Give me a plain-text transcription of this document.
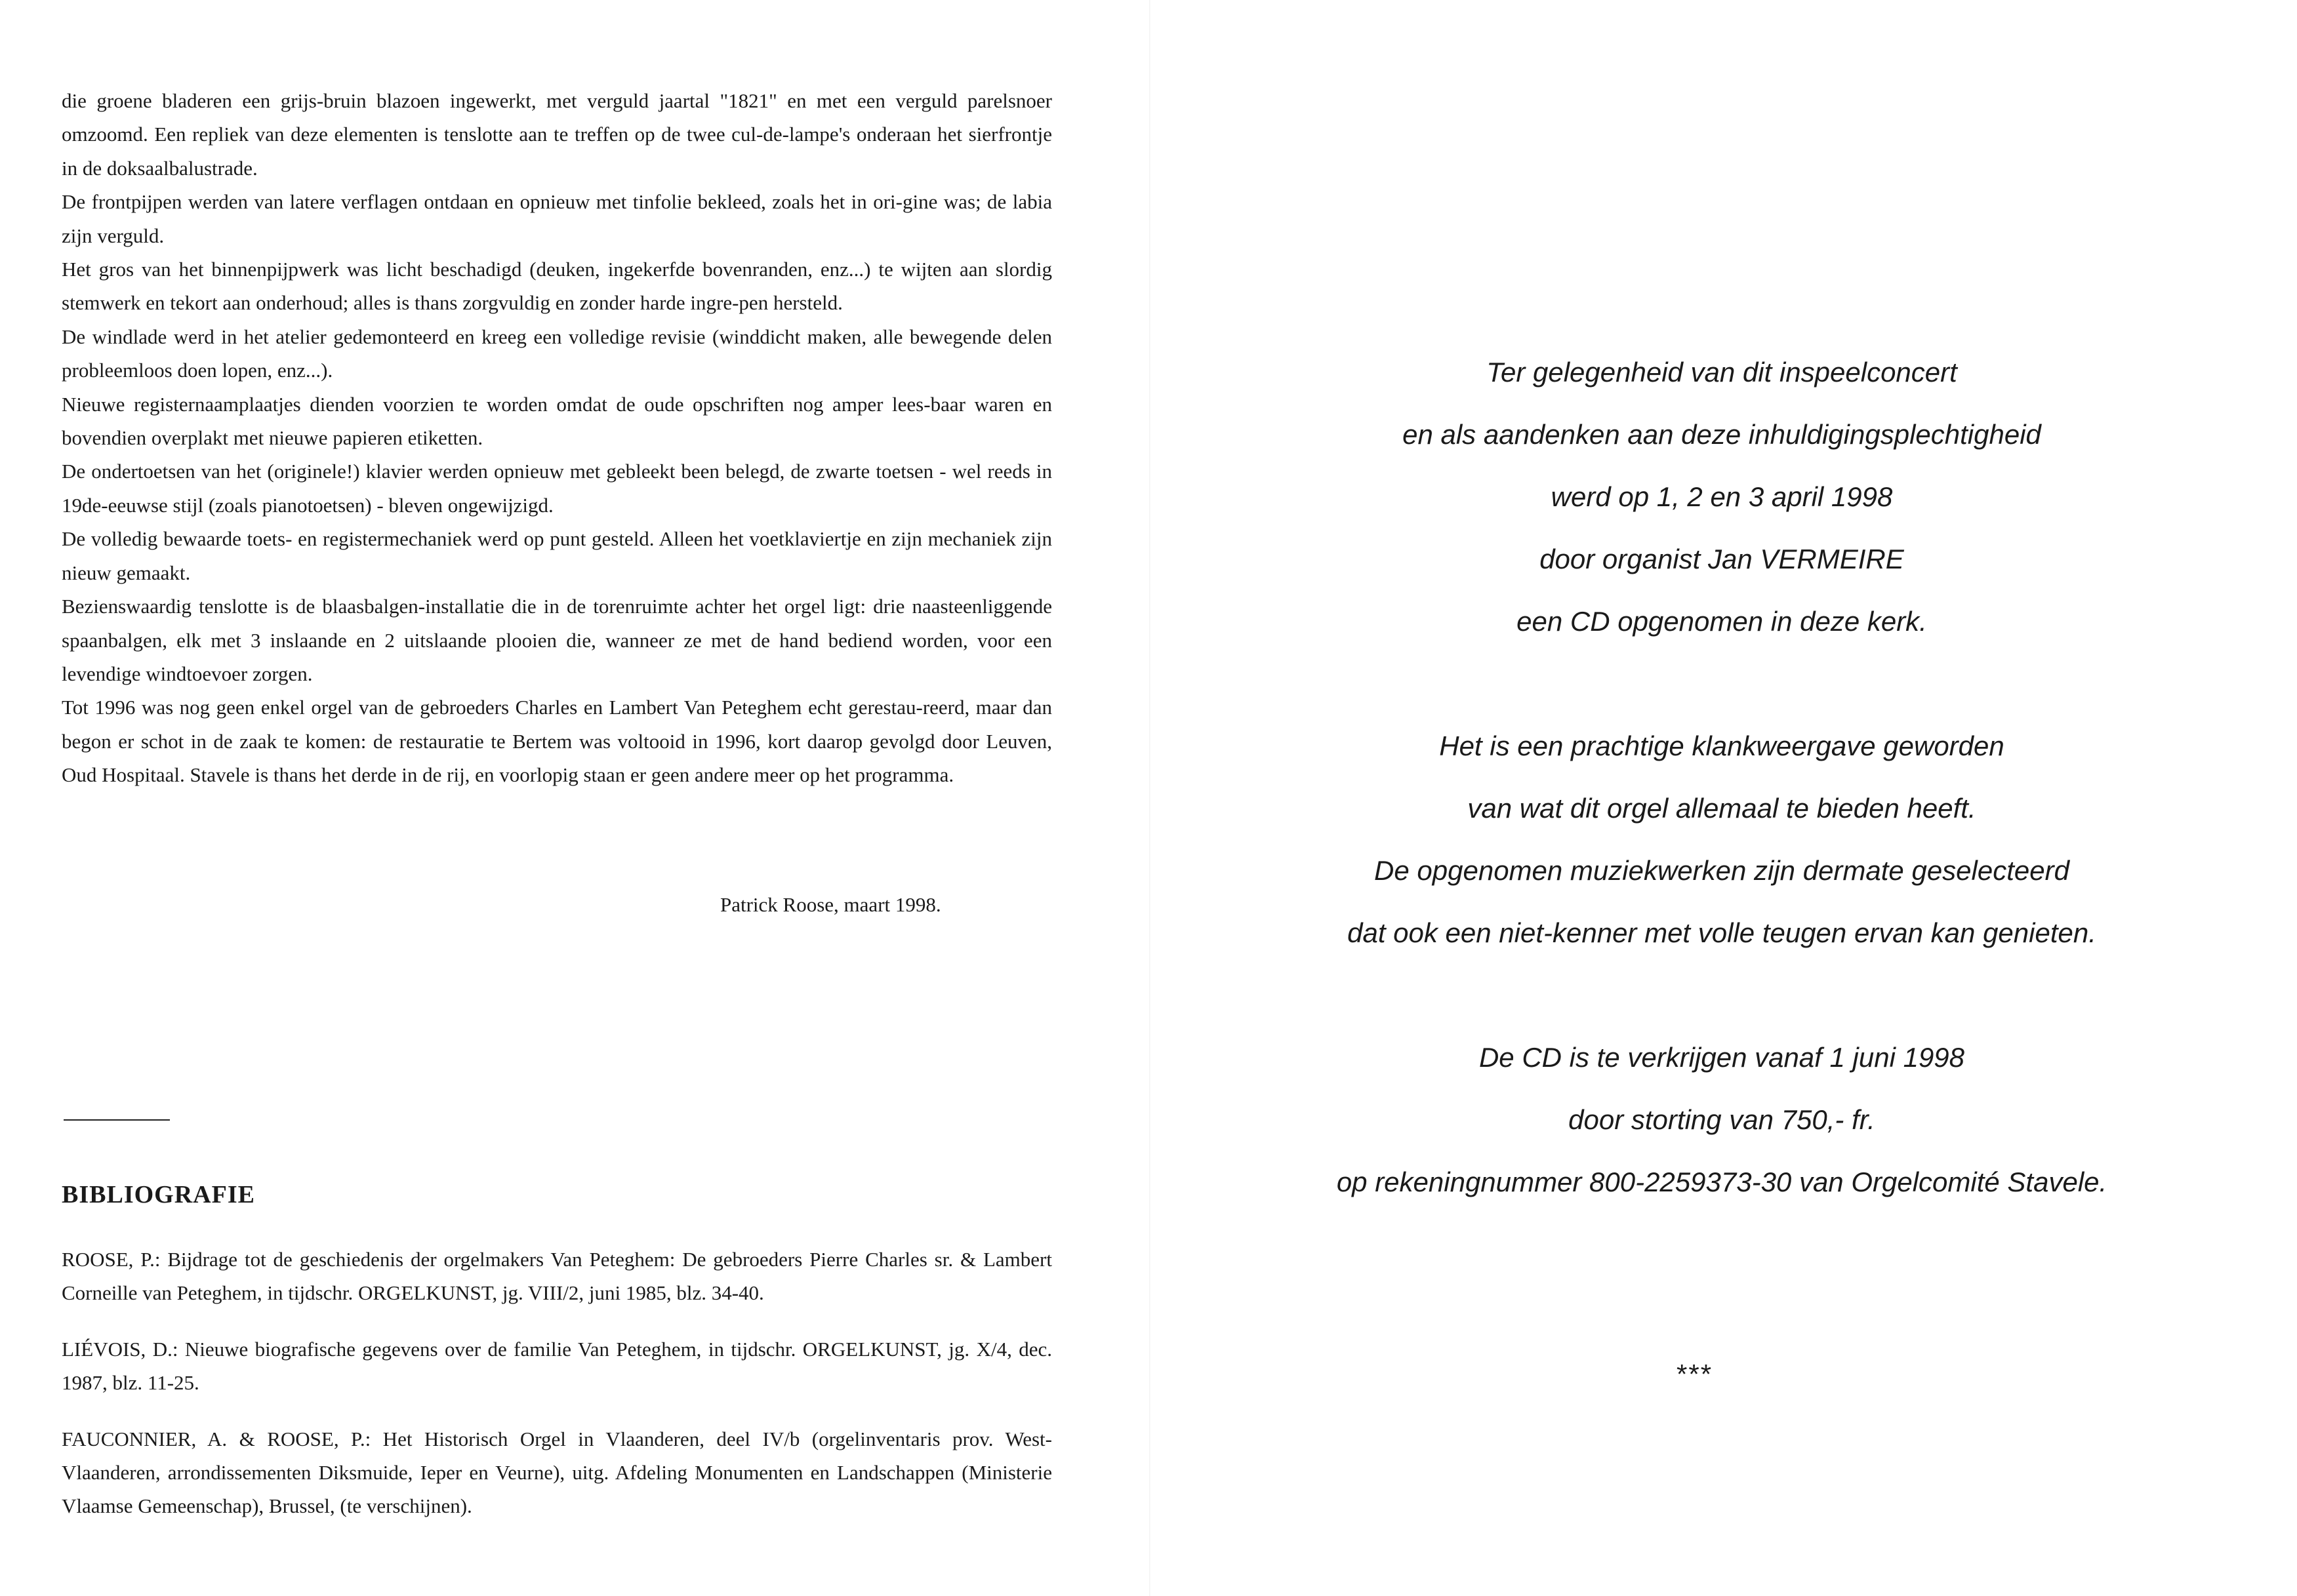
die groene bladeren een grijs-bruin blazoen ingewerkt, met verguld jaartal "1821" en met een verguld parelsnoer omzoomd. Een repliek van deze elementen is tenslotte aan te treffen op de twee cul-de-lampe's onderaan het sierfrontje in de doksaalbalustrade.

De frontpijpen werden van latere verflagen ontdaan en opnieuw met tinfolie bekleed, zoals het in ori-gine was; de labia zijn verguld.

Het gros van het binnenpijpwerk was licht beschadigd (deuken, ingekerfde bovenranden, enz...) te wijten aan slordig stemwerk en tekort aan onderhoud; alles is thans zorgvuldig en zonder harde ingre-pen hersteld.

De windlade werd in het atelier gedemonteerd en kreeg een volledige revisie (winddicht maken, alle bewegende delen probleemloos doen lopen, enz...).

Nieuwe registernaamplaatjes dienden voorzien te worden omdat de oude opschriften nog amper lees-baar waren en bovendien overplakt met nieuwe papieren etiketten.

De ondertoetsen van het (originele!) klavier werden opnieuw met gebleekt been belegd, de zwarte toetsen - wel reeds in 19de-eeuwse stijl (zoals pianotoetsen) - bleven ongewijzigd.

De volledig bewaarde toets- en registermechaniek werd op punt gesteld. Alleen het voetklaviertje en zijn mechaniek zijn nieuw gemaakt.

Bezienswaardig tenslotte is de blaasbalgen-installatie die in de torenruimte achter het orgel ligt: drie naasteenliggende spaanbalgen, elk met 3 inslaande en 2 uitslaande plooien die, wanneer ze met de hand bediend worden, voor een levendige windtoevoer zorgen.

Tot 1996 was nog geen enkel orgel van de gebroeders Charles en Lambert Van Peteghem echt gerestau-reerd, maar dan begon er schot in de zaak te komen: de restauratie te Bertem was voltooid in 1996, kort daarop gevolgd door Leuven, Oud Hospitaal. Stavele is thans het derde in de rij, en voorlopig staan er geen andere meer op het programma.

Patrick Roose, maart 1998.
BIBLIOGRAFIE

ROOSE, P.: Bijdrage tot de geschiedenis der orgelmakers Van Peteghem: De gebroeders Pierre Charles sr. & Lambert Corneille van Peteghem, in tijdschr. ORGELKUNST, jg. VIII/2, juni 1985, blz. 34-40.

LIÉVOIS, D.: Nieuwe biografische gegevens over de familie Van Peteghem, in tijdschr. ORGELKUNST, jg. X/4, dec. 1987, blz. 11-25.

FAUCONNIER, A. & ROOSE, P.: Het Historisch Orgel in Vlaanderen, deel IV/b (orgelinventaris prov. West-Vlaanderen, arrondissementen Diksmuide, Ieper en Veurne), uitg. Afdeling Monumenten en Landschappen (Ministerie Vlaamse Gemeenschap), Brussel, (te verschijnen).

Ter gelegenheid van dit inspeelconcert
en als aandenken aan deze inhuldigingsplechtigheid
werd op 1, 2 en 3 april 1998
door organist Jan VERMEIRE
een CD opgenomen in deze kerk.
Het is een prachtige klankweergave geworden
van wat dit orgel allemaal te bieden heeft.
De opgenomen muziekwerken zijn dermate geselecteerd
dat ook een niet-kenner met volle teugen ervan kan genieten.
De CD is te verkrijgen vanaf 1 juni 1998
door storting van 750,- fr.
op rekeningnummer 800-2259373-30 van Orgelcomité Stavele.
***
